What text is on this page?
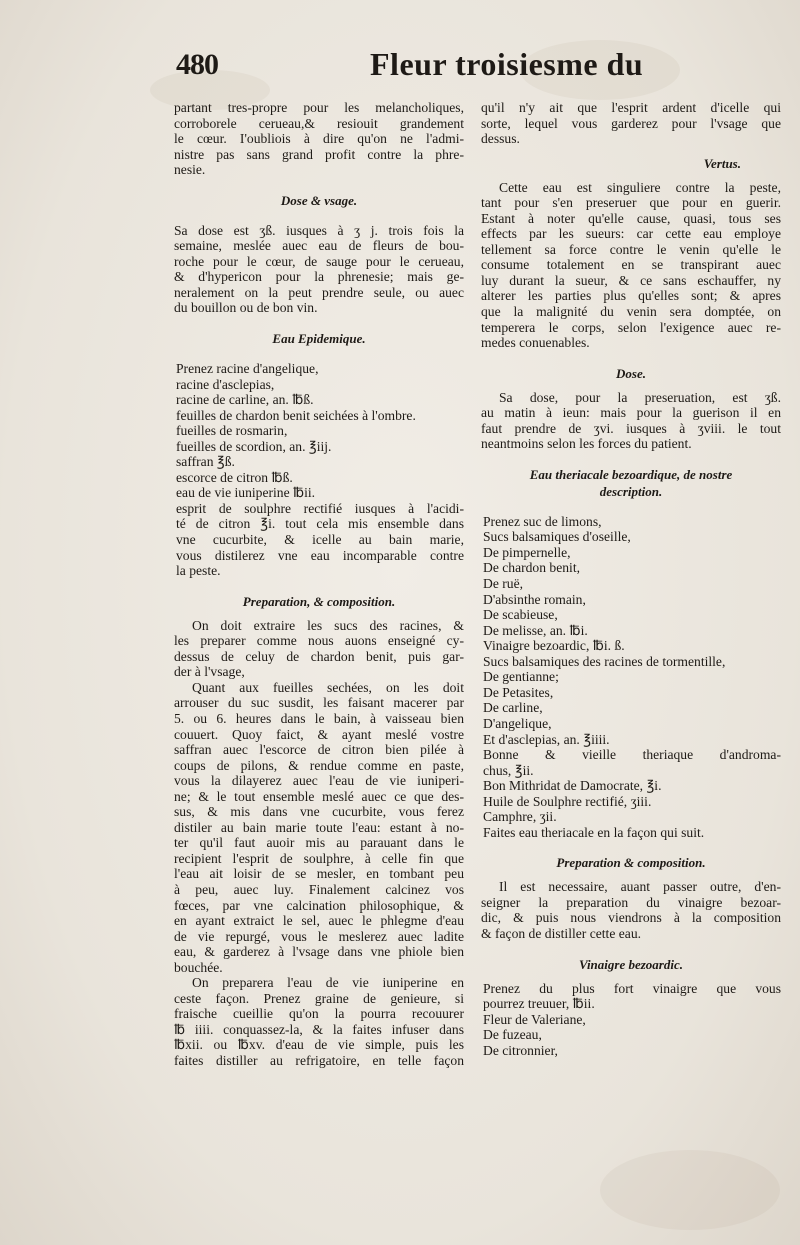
480	Fleur troisiesme du
partant tres-propre pour les melancholiques,
corroborele cerueau,& resiouit grandement
le cœur. I'oubliois à dire qu'on ne l'admi-
nistre pas sans grand profit contre la phre-
nesie.
Dose & vsage.
Sa dose est ʒß. iusques à ʒ j. trois fois la
semaine, meslée auec eau de fleurs de bou-
roche pour le cœur, de sauge pour le cerueau,
& d'hypericon pour la phrenesie; mais ge-
neralement on la peut prendre seule, ou auec
du bouillon ou de bon vin.
Eau Epidemique.
Prenez racine d'angelique,
racine d'asclepias,
racine de carline, an. ℔ß.
feuilles de chardon benit seichées à l'ombre.
fueilles de rosmarin,
fueilles de scordion, an. ℥iij.
saffran ℥ß.
escorce de citron ℔ß.
eau de vie iuniperine ℔ii.
esprit de soulphre rectifié iusques à l'acidi-
té de citron ℥i. tout cela mis ensemble dans
vne cucurbite, & icelle au bain marie,
vous distilerez vne eau incomparable contre
la peste.
Preparation, & composition.
On doit extraire les sucs des racines, &
les preparer comme nous auons enseigné cy-
dessus de celuy de chardon benit, puis gar-
der à l'vsage,
Quant aux fueilles sechées, on les doit
arrouser du suc susdit, les faisant macerer par
5. ou 6. heures dans le bain, à vaisseau bien
couuert. Quoy faict, & ayant meslé vostre
saffran auec l'escorce de citron bien pilée à
coups de pilons, & rendue comme en paste,
vous la dilayerez auec l'eau de vie iuniperi-
ne; & le tout ensemble meslé auec ce que des-
sus, & mis dans vne cucurbite, vous ferez
distiler au bain marie toute l'eau: estant à no-
ter qu'il faut auoir mis au parauant dans le
recipient l'esprit de soulphre, à celle fin que
l'eau ait loisir de se mesler, en tombant peu
à peu, auec luy. Finalement calcinez vos
fœces, par vne calcination philosophique, &
en ayant extraict le sel, auec le phlegme d'eau
de vie repurgé, vous le meslerez auec ladite
eau, & garderez à l'vsage dans vne phiole bien
bouchée.
On preparera l'eau de vie iuniperine en
ceste façon. Prenez graine de genieure, si
fraische cueillie qu'on la pourra recouurer
℔ iiii. conquassez-la, & la faites infuser dans
℔xii. ou ℔xv. d'eau de vie simple, puis les
faites distiller au refrigatoire, en telle façon
qu'il n'y ait que l'esprit ardent d'icelle qui
sorte, lequel vous garderez pour l'vsage que
dessus.
Vertus.
Cette eau est singuliere contre la peste,
tant pour s'en preseruer que pour en guerir.
Estant à noter qu'elle cause, quasi, tous ses
effects par les sueurs: car cette eau employe
tellement sa force contre le venin qu'elle le
consume totalement en se transpirant auec
luy durant la sueur, & ce sans eschauffer, ny
alterer les parties plus qu'elles sont; & apres
que la malignité du venin sera domptée, on
temperera le corps, selon l'exigence auec re-
medes conuenables.
Dose.
Sa dose, pour la preseruation, est ʒß.
au matin à ieun: mais pour la guerison il en
faut prendre de ʒvi. iusques à ʒviii. le tout
neantmoins selon les forces du patient.
Eau theriacale bezoardique, de nostre
description.
Prenez suc de limons,
Sucs balsamiques d'oseille,
De pimpernelle,
De chardon benit,
De ruë,
D'absinthe romain,
De scabieuse,
De melisse, an. ℔i.
Vinaigre bezoardic, ℔i. ß.
Sucs balsamiques des racines de tormentille,
De gentianne;
De Petasites,
De carline,
D'angelique,
Et d'asclepias, an. ℥iiii.
Bonne & vieille theriaque d'androma-
chus, ℥ii.
Bon Mithridat de Damocrate, ℥i.
Huile de Soulphre rectifié, ʒiii.
Camphre, ʒii.
Faites eau theriacale en la façon qui suit.
Preparation & composition.
Il est necessaire, auant passer outre, d'en-
seigner la preparation du vinaigre bezoar-
dic, & puis nous viendrons à la composition
& façon de distiller cette eau.
Vinaigre bezoardic.
Prenez du plus fort vinaigre que vous
pourrez treuuer, ℔ii.
Fleur de Valeriane,
De fuzeau,
De citronnier,
